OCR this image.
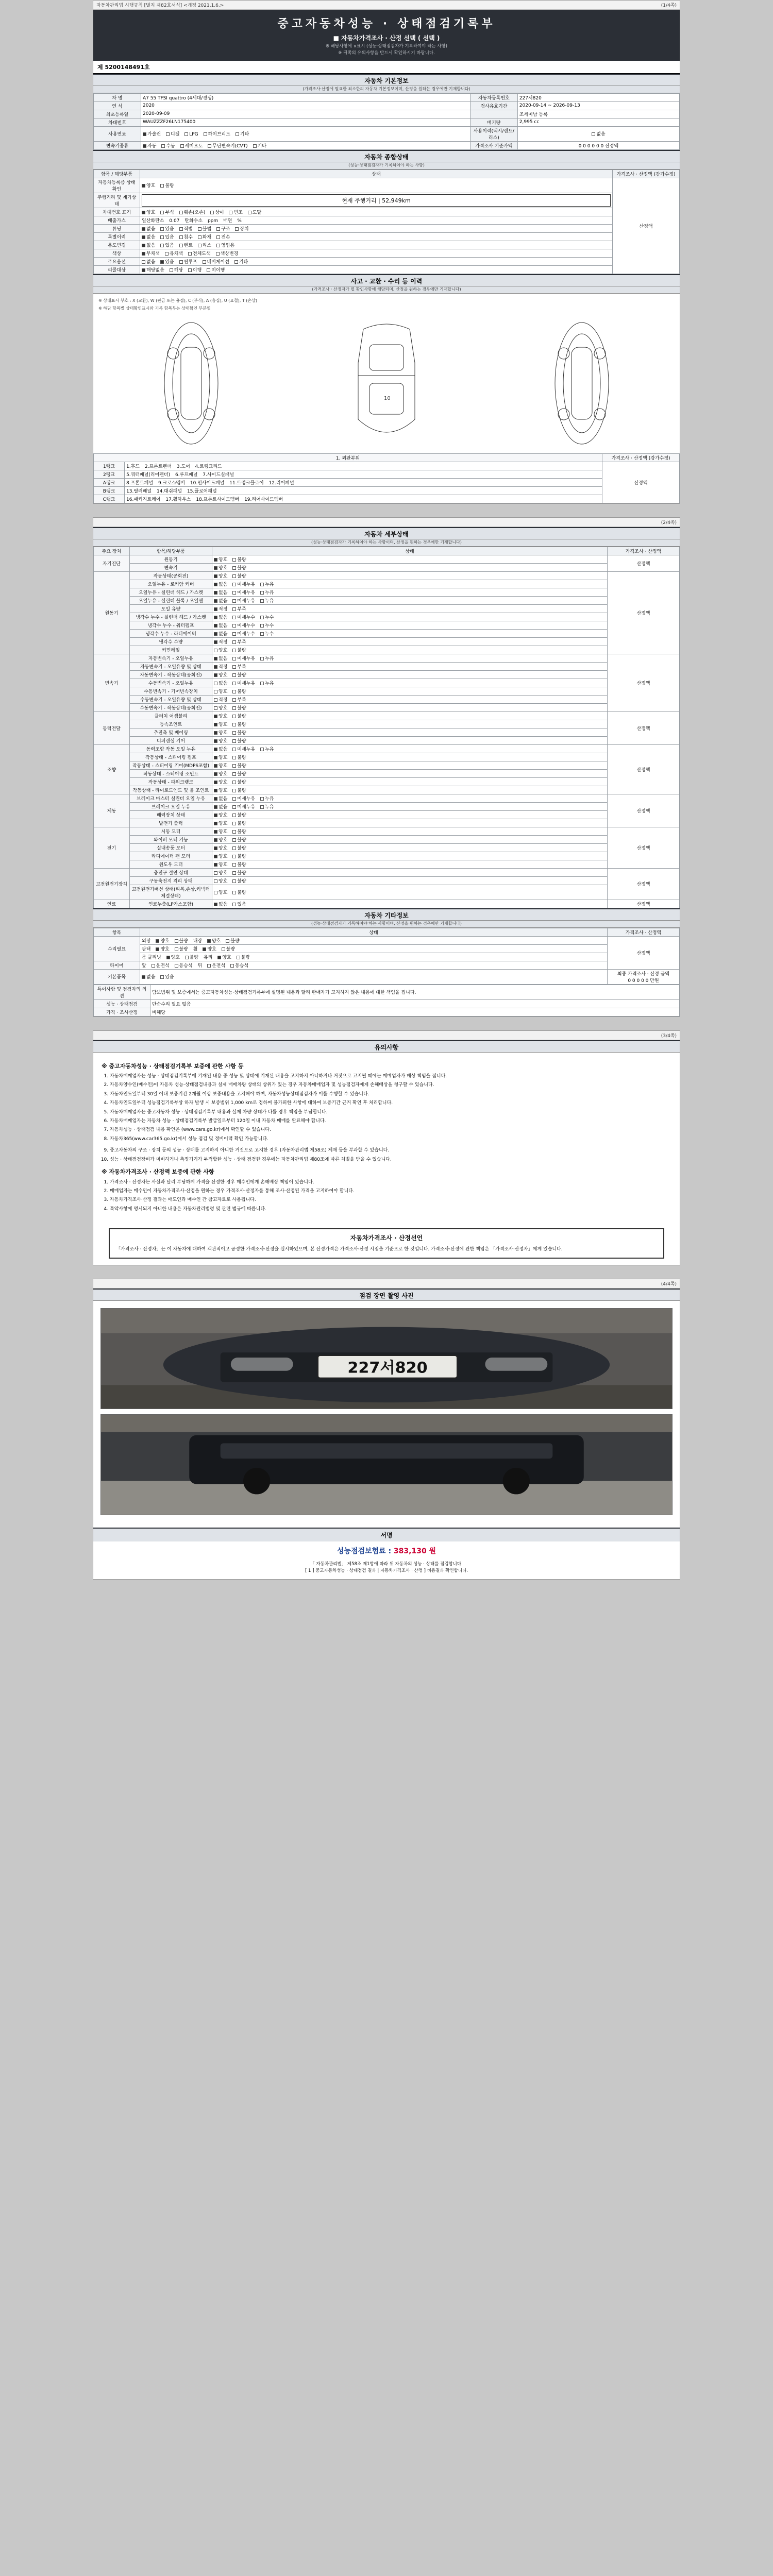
자동차관리법 시행규칙 [별지 제82호서식] <개정 2021.1.6.>	(1/4쪽)
중고자동차성능 · 상태점검기록부
■ 자동차가격조사 · 산정 선택 ( 선택 )
※ 해당사항에 ∨표시 (성능·상태점검자가 기록하여야 하는 사항)
※ 뒤쪽의 유의사항을 반드시 확인하시기 바랍니다.
제 5200148491호
자동차 기본정보
(가격조사·산정에 필요한 최소한의 자동차 기본정보이며, 산정을 원하는 경우에만 기재합니다)
차 명	A7 55 TFSI quattro (4세대/경쟁)	자동차등록번호	227서820
연 식	2020	검사유효기간	2020-09-14 ~ 2026-09-13
최초등록일	2020-09-09		조세미납 등록
차대번호	WAUZZZF26LN175400	배기량	2,995 cc
사용연료	가솔린 디젤 LPG 하이브리드 기타	사용이력(택시/렌트/리스)	없음
변속기종류	자동 수동 세미오토 무단변속기(CVT) 기타	가격조사 기준가액	0 0 0 0 0 0 산정액
자동차 종합상태
(성능·상태점검자가 기록하여야 하는 사항)
항목 / 해당부품	상태	가격조사 · 산정액 (감가수정)
자동차등록증 상태 확인	양호 불량	산정액
주행거리 및 계기상태	현재 주행거리 | 52,949km	

차대번호 표기	양호 부식 훼손(오손) 상이 변조 도말	
배출가스	일산화탄소 0.07 탄화수소 ppm 매연 %	
튜닝	없음 있음 적법 불법 구조 장치	
특별이력	없음 있음 침수 화재 전손	
용도변경	없음 있음 렌트 리스 영업용	
색상	무채색 유채색 전체도색 색상변경	
주요옵션	없음 있음 썬루프 네비게이션 기타	
리콜대상	해당없음 해당 이행 미이행	
사고 · 교환 · 수리 등 이력
(가격조사 · 산정자가 필 확인사항에 해당되며, 산정을 원하는 경우에만 기재합니다)
※ 상태표시 부호 : X (교환), W (판금 또는 용접), C (부식), A (흠집), U (요철), T (손상)
※ 하단 항목별 상태확인표시와 기록 항목부는 상태확인 부분임
10
1. 외판부위		가격조사 · 산정액 (감가수정)
1랭크	1.후드 2.프론트펜더 3.도어 4.트렁크리드	산정액
2랭크	5.쿼터패널(리어펜더) 6.루프패널 7.사이드실패널	
A랭크	8.프론트패널 9.크로스멤버 10.인사이드패널 11.트렁크플로어 12.리어패널	
B랭크	13.필러패널 14.대쉬패널 15.플로어패널	
C랭크	16.패키지트레이 17.휠하우스 18.프론트사이드멤버 19.리어사이드멤버	
(2/4쪽)
자동차 세부상태
(성능·상태점검자가 기록하여야 하는 사항이며, 산정을 원하는 경우에만 기재합니다)
주요 장치	항목/해당부품	상태	가격조사 · 산정액
자기진단	원동기	양호 불량	산정액
	변속기	양호 불량	
원동기	작동상태(공회전)	양호 불량	산정액
	오일누유 - 로커암 커버	없음 미세누유 누유	
	오일누유 - 실린더 헤드 / 가스켓	없음 미세누유 누유	
	오일누유 - 실린더 블록 / 오일팬	없음 미세누유 누유	
	오일 유량	적정 부족	
	냉각수 누수 - 실린더 헤드 / 가스켓	없음 미세누수 누수	
	냉각수 누수 - 워터펌프	없음 미세누수 누수	
	냉각수 누수 - 라디에이터	없음 미세누수 누수	
	냉각수 수량	적정 부족	
	커먼레일	양호 불량	
변속기	자동변속기 - 오일누유	없음 미세누유 누유	산정액
	자동변속기 - 오일유량 및 상태	적정 부족	
	자동변속기 - 작동상태(공회전)	양호 불량	
	수동변속기 - 오일누유	없음 미세누유 누유	
	수동변속기 - 기어변속장치	양호 불량	
	수동변속기 - 오일유량 및 상태	적정 부족	
	수동변속기 - 작동상태(공회전)	양호 불량	
동력전달	클러치 어셈블리	양호 불량	산정액
	등속조인트	양호 불량	
	추진축 및 베어링	양호 불량	
	디퍼렌셜 기어	양호 불량	
조향	동력조향 작동 오일 누유	없음 미세누유 누유	산정액
	작동상태 - 스티어링 펌프	양호 불량	
	작동상태 - 스티어링 기어(MDPS포함)	양호 불량	
	작동상태 - 스티어링 조인트	양호 불량	
	작동상태 - 파워크랭크	양호 불량	
	작동상태 - 타이로드엔드 및 볼 조인트	양호 불량	
제동	브레이크 마스터 실린더 오일 누유	없음 미세누유 누유	산정액
	브레이크 오일 누유	없음 미세누유 누유	
	배력장치 상태	양호 불량	
	발전기 출력	양호 불량	
전기	시동 모터	양호 불량	산정액
	와이퍼 모터 기능	양호 불량	
	실내송풍 모터	양호 불량	
	라디에이터 팬 모터	양호 불량	
	윈도우 모터	양호 불량	
고전원전기장치	충전구 절연 상태	양호 불량	산정액
	구동축전지 격리 상태	양호 불량	
	고전원전기배선 상태(피복,손상,커넥터 체결상태)	양호 불량	
연료	연료누출(LP가스포함)	없음 있음	산정액
자동차 기타정보
(성능·상태점검자가 기록하여야 하는 사항이며, 산정을 원하는 경우에만 기재합니다)
항목	상태	가격조사 · 산정액
수리필요	외장 양호 불량 내장 양호 불량	산정액
	광택 양호 불량 휠 양호 불량	
	룸 클리닝 양호 불량 유리 양호 불량	
타이어	앞 운전석 동승석 뒤 운전석 동승석	
기본품목	없음 있음	최종 가격조사 · 산정 금액
0 0 0 0 0 만원
특이사항 및 점검자의 의견	담보범위 및 보증에서는 중고자동차성능·상태점검기록부에 설명된 내용과 달리 판매자가 고지하지 않은 내용에 대한 책임을 집니다.
성능 · 상태점검	단순수리 필요 없음
가격 · 조사산정	비해당
(3/4쪽)
유의사항
※ 중고자동차성능 · 상태점검기록부 보증에 관한 사항 등
1. 자동차매매업자는 성능 · 상태점검기록부에 기재된 내용 중 성능 및 상태에 기재된 내용을 고지하지 아니하거나 거짓으로 고지될 때에는 매매업자가 배상 책임을 집니다.
2. 자동차양수인(매수인)이 자동차 성능·상태점검내용과 실제 매매차량 상태의 상위가 있는 경우 자동차매매업자 및 성능점검자에게 손해배상을 청구할 수 있습니다.
3. 자동차인도일부터 30일 이내 보증기간 2개월 이상 보증내용을 고지해야 하며, 자동차성능상태점검자가 이를 수행할 수 있습니다.
4. 자동차인도일부터 성능점검기록부상 하자 발생 시 보증범위 1,000 km로 정하며 불가피한 사항에 대하여 보증기간 근거 확인 후 처리합니다.
5. 자동차매매업자는 중고자동차 성능 · 상태점검기록부 내용과 실제 차량 상태가 다를 경우 책임을 부담합니다.
6. 자동차매매업자는 자동차 성능 · 상태점검기록부 발급일로부터 120일 이내 자동차 매매를 완료해야 합니다.
7. 자동차성능 · 상태점검 내용 확인은 (www.cars.go.kr)에서 확인할 수 있습니다.
8. 자동차365(www.car365.go.kr)에서 성능 점검 및 정비이력 확인 가능합니다.
9. 중고자동차의 구조 · 장치 등의 성능 · 상태를 고지하지 아니한 거짓으로 고지한 경우 (자동차관리법 제58조) 제재 등을 부과할 수 있습니다.
10. 성능 · 상태점검장비가 미비하거나 측정기기가 부적합한 성능 · 상태 점검한 경우에는 자동차관리법 제80조에 따른 처벌을 받을 수 있습니다.
※ 자동차가격조사 · 산정액 보증에 관한 사항
1. 가격조사 · 산정자는 사실과 달리 부당하게 가격을 산정한 경우 매수인에게 손해배상 책임이 있습니다.
2. 매매업자는 매수인이 자동차가격조사·산정을 원하는 경우 가격조사·산정자를 통해 조사·산정된 가격을 고지하여야 합니다.
3. 자동차가격조사·산정 결과는 매도인과 매수인 간 참고자료로 사용됩니다.
4. 특약사항에 명시되지 아니한 내용은 자동차관리법령 및 관련 법규에 따릅니다.
자동차가격조사 · 산정선언
「가격조사 · 산정자」는 이 자동차에 대하여 객관적이고 공정한 가격조사·산정을 실시하였으며, 본 산정가격은 가격조사·산정 시점을 기준으로 한 것입니다. 가격조사·산정에 관한 책임은 「가격조사·산정자」에게 있습니다.
(4/4쪽)
점검 장면 촬영 사진
227서820
서명
성능점검보험료 : 383,130 원
「 자동차관리법」 제58조 제1항에 따라 위 자동차의 성능 · 상태를 점검합니다.
[ 1 ] 중고자동차성능 · 상태점검 결과 | 자동차가격조사 · 산정 ] 비용결과 확인합니다.
